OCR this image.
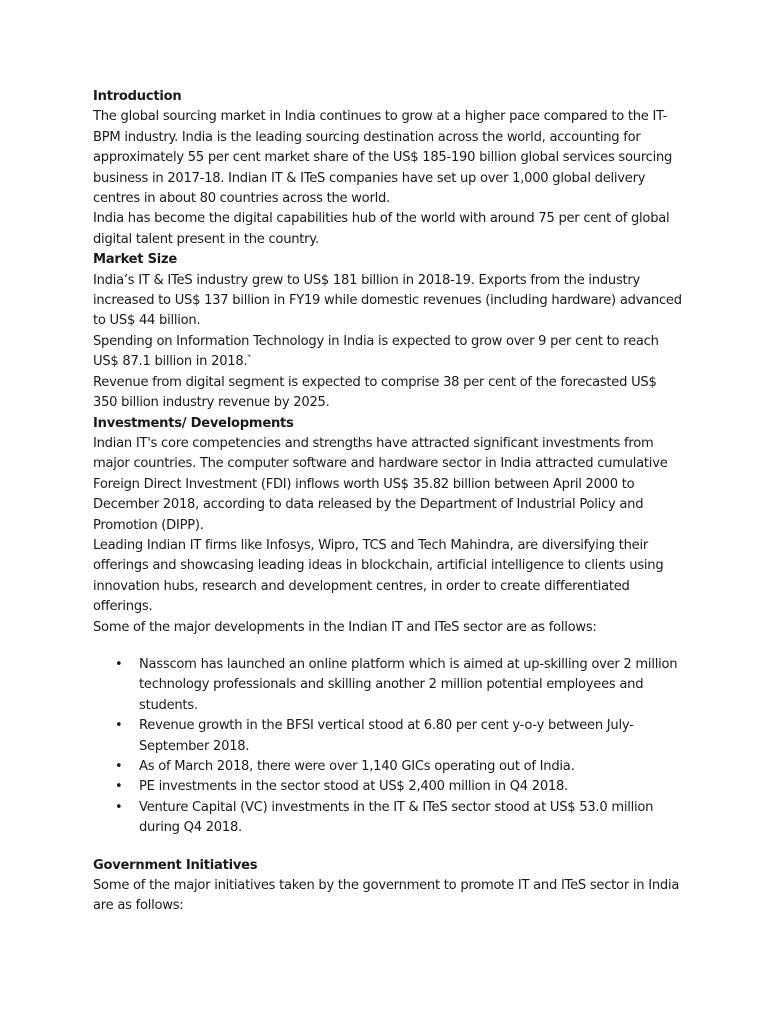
Introduction

The global sourcing market in India continues to grow at a higher pace compared to the IT-BPM industry. India is the leading sourcing destination across the world, accounting for approximately 55 per cent market share of the US$ 185-190 billion global services sourcing business in 2017-18. Indian IT & ITeS companies have set up over 1,000 global delivery centres in about 80 countries across the world.

India has become the digital capabilities hub of the world with around 75 per cent of global digital talent present in the country.

Market Size

India’s IT & ITeS industry grew to US$ 181 billion in 2018-19. Exports from the industry increased to US$ 137 billion in FY19 while domestic revenues (including hardware) advanced to US$ 44 billion.

Spending on Information Technology in India is expected to grow over 9 per cent to reach US$ 87.1 billion in 2018.*

Revenue from digital segment is expected to comprise 38 per cent of the forecasted US$ 350 billion industry revenue by 2025.

Investments/ Developments

Indian IT's core competencies and strengths have attracted significant investments from major countries. The computer software and hardware sector in India attracted cumulative Foreign Direct Investment (FDI) inflows worth US$ 35.82 billion between April 2000 to December 2018, according to data released by the Department of Industrial Policy and Promotion (DIPP).

Leading Indian IT firms like Infosys, Wipro, TCS and Tech Mahindra, are diversifying their offerings and showcasing leading ideas in blockchain, artificial intelligence to clients using innovation hubs, research and development centres, in order to create differentiated offerings.

Some of the major developments in the Indian IT and ITeS sector are as follows:

• Nasscom has launched an online platform which is aimed at up-skilling over 2 million technology professionals and skilling another 2 million potential employees and students.
• Revenue growth in the BFSI vertical stood at 6.80 per cent y-o-y between July-September 2018.
• As of March 2018, there were over 1,140 GICs operating out of India.
• PE investments in the sector stood at US$ 2,400 million in Q4 2018.
• Venture Capital (VC) investments in the IT & ITeS sector stood at US$ 53.0 million during Q4 2018.

Government Initiatives

Some of the major initiatives taken by the government to promote IT and ITeS sector in India are as follows:
